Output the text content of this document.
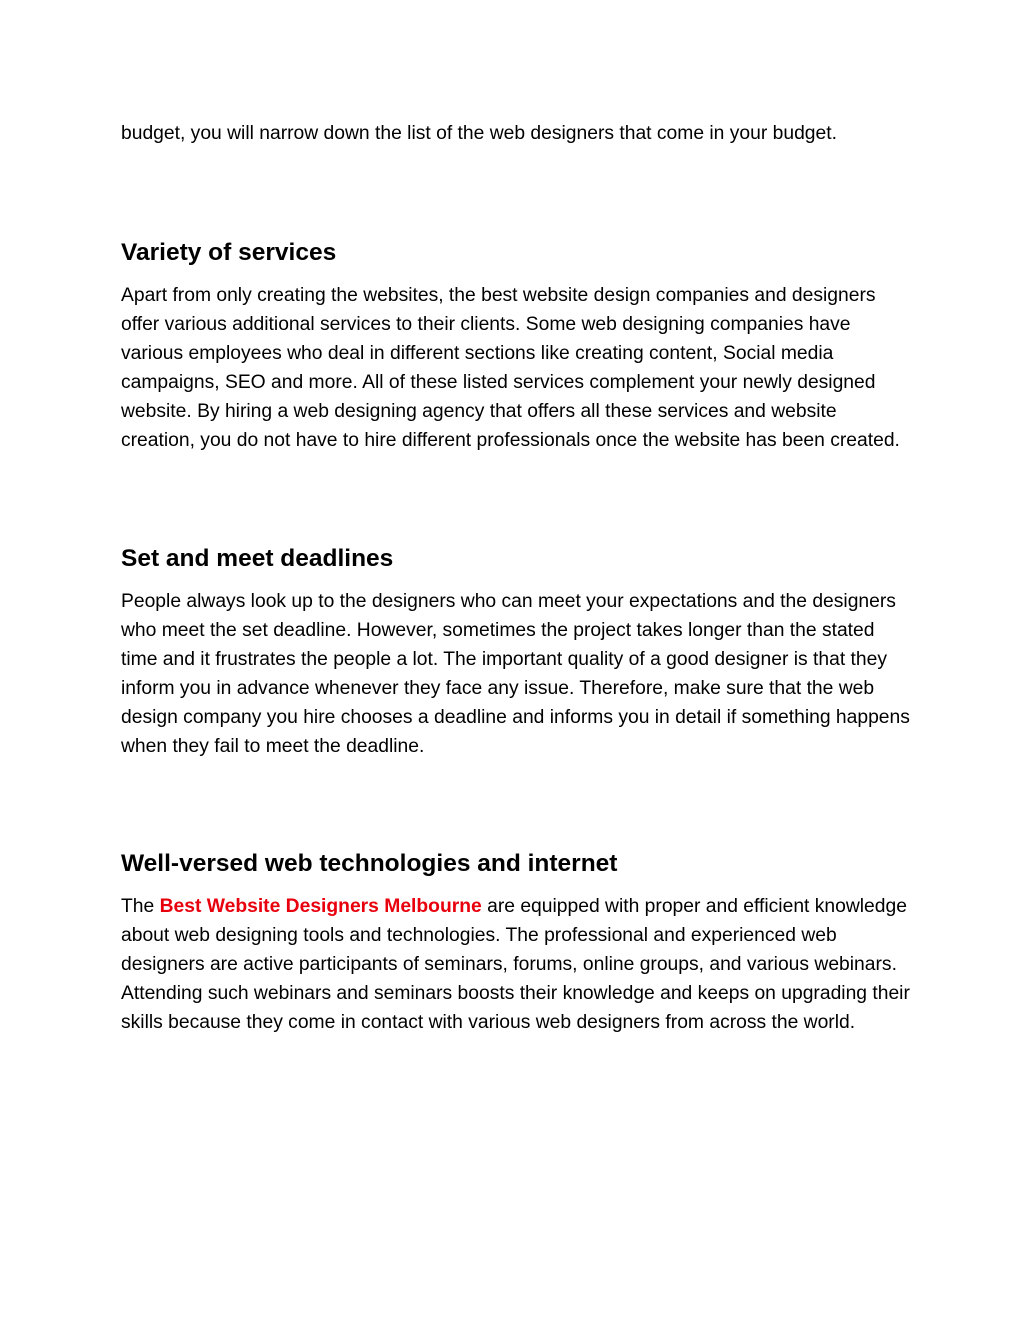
budget, you will narrow down the list of the web designers that come in your budget.

Variety of services

Apart from only creating the websites, the best website design companies and designers offer various additional services to their clients. Some web designing companies have various employees who deal in different sections like creating content, Social media campaigns, SEO and more. All of these listed services complement your newly designed website. By hiring a web designing agency that offers all these services and website creation, you do not have to hire different professionals once the website has been created.

Set and meet deadlines

People always look up to the designers who can meet your expectations and the designers who meet the set deadline. However, sometimes the project takes longer than the stated time and it frustrates the people a lot. The important quality of a good designer is that they inform you in advance whenever they face any issue. Therefore, make sure that the web design company you hire chooses a deadline and informs you in detail if something happens when they fail to meet the deadline.

Well-versed web technologies and internet

The Best Website Designers Melbourne are equipped with proper and efficient knowledge about web designing tools and technologies. The professional and experienced web designers are active participants of seminars, forums, online groups, and various webinars. Attending such webinars and seminars boosts their knowledge and keeps on upgrading their skills because they come in contact with various web designers from across the world.
